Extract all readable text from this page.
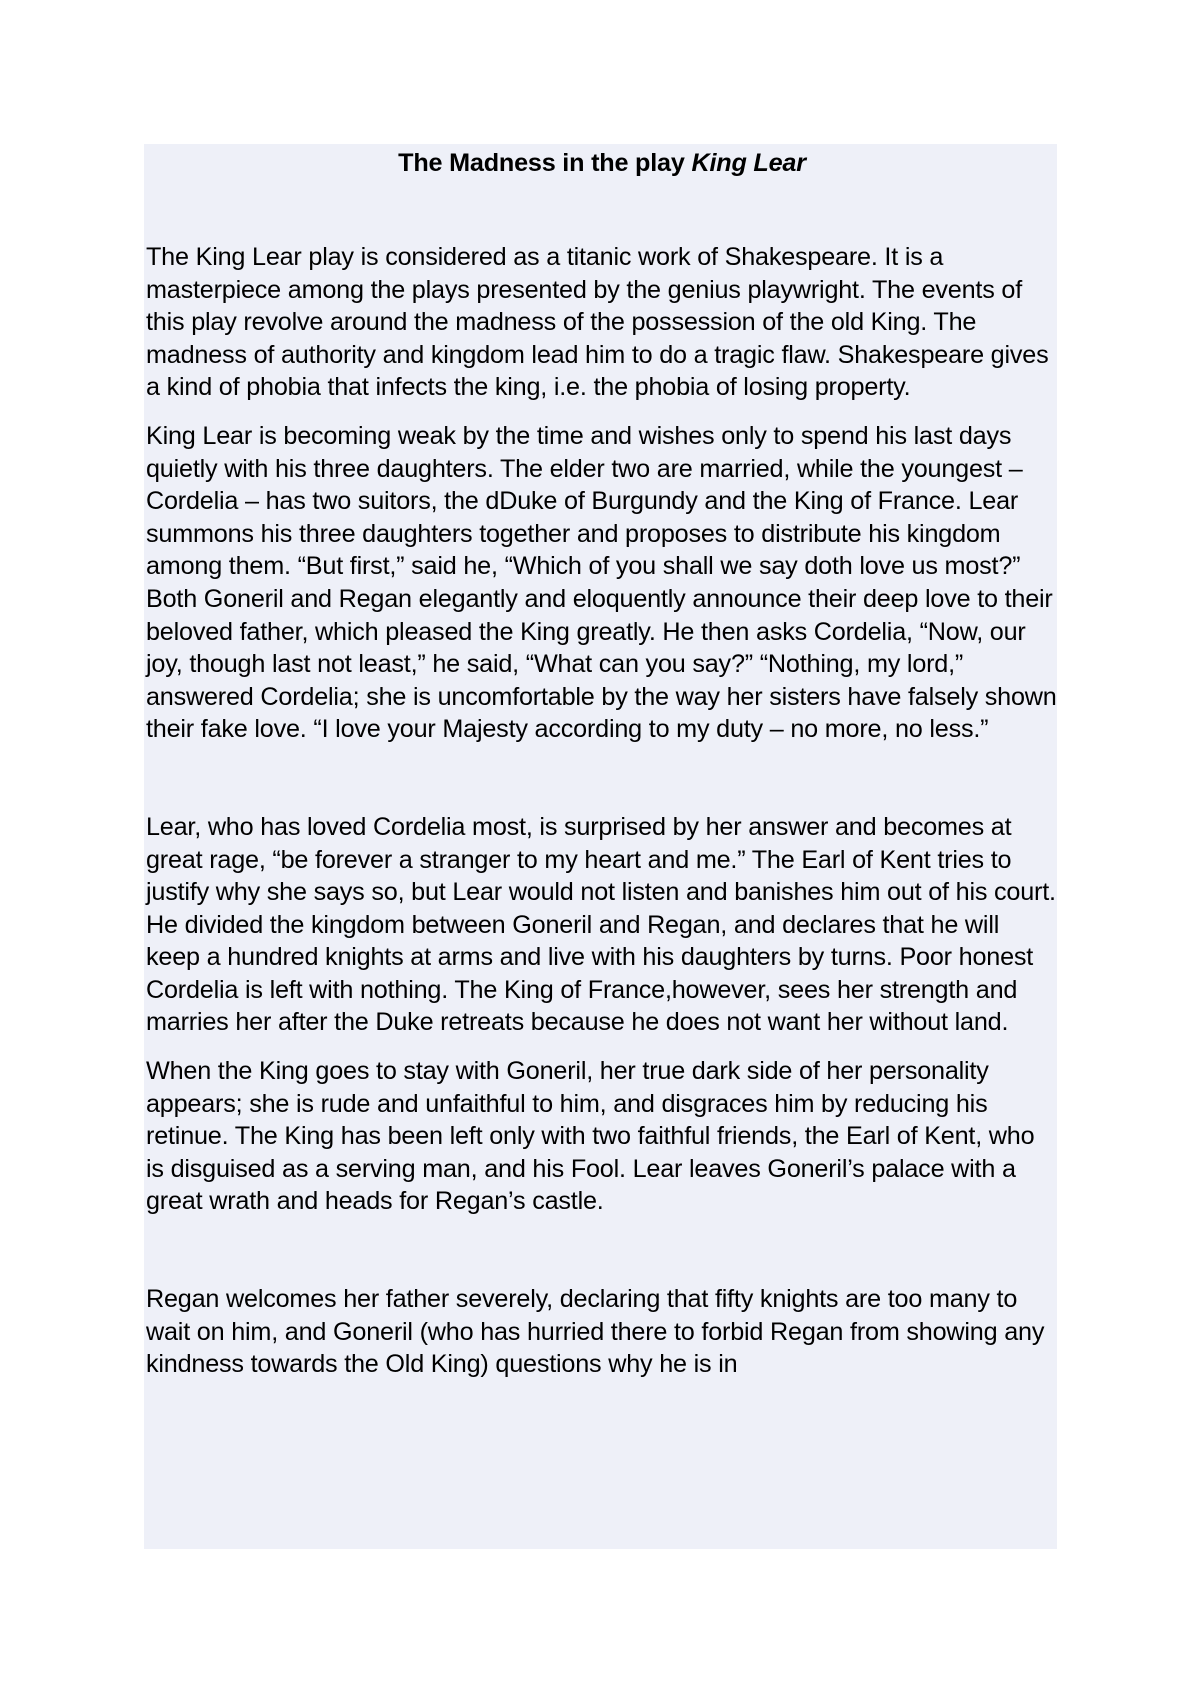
The Madness in the play King Lear

The King Lear play is considered as a titanic work of Shakespeare. It is a masterpiece among the plays presented by the genius playwright. The events of this play revolve around the madness of the possession of the old King. The madness of authority and kingdom lead him to do a tragic flaw. Shakespeare gives a kind of phobia that infects the king, i.e. the phobia of losing property.

King Lear is becoming weak by the time and wishes only to spend his last days quietly with his three daughters. The elder two are married, while the youngest – Cordelia – has two suitors, the dDuke of Burgundy and the King of France. Lear summons his three daughters together and proposes to distribute his kingdom among them. “But first,” said he, “Which of you shall we say doth love us most?” Both Goneril and Regan elegantly and eloquently announce their deep love to their beloved father, which pleased the King greatly. He then asks Cordelia, “Now, our joy, though last not least,” he said, “What can you say?” “Nothing, my lord,” answered Cordelia; she is uncomfortable by the way her sisters have falsely shown their fake love. “I love your Majesty according to my duty – no more, no less.”

Lear, who has loved Cordelia most, is surprised by her answer and becomes at great rage, “be forever a stranger to my heart and me.” The Earl of Kent tries to justify why she says so, but Lear would not listen and banishes him out of his court. He divided the kingdom between Goneril and Regan, and declares that he will keep a hundred knights at arms and live with his daughters by turns. Poor honest Cordelia is left with nothing. The King of France,however, sees her strength and marries her after the Duke retreats because he does not want her without land.

When the King goes to stay with Goneril, her true dark side of her personality appears; she is rude and unfaithful to him, and disgraces him by reducing his retinue. The King has been left only with two faithful friends, the Earl of Kent, who is disguised as a serving man, and his Fool. Lear leaves Goneril’s palace with a great wrath and heads for Regan’s castle.

Regan welcomes her father severely, declaring that fifty knights are too many to wait on him, and Goneril (who has hurried there to forbid Regan from showing any kindness towards the Old King) questions why he is in
